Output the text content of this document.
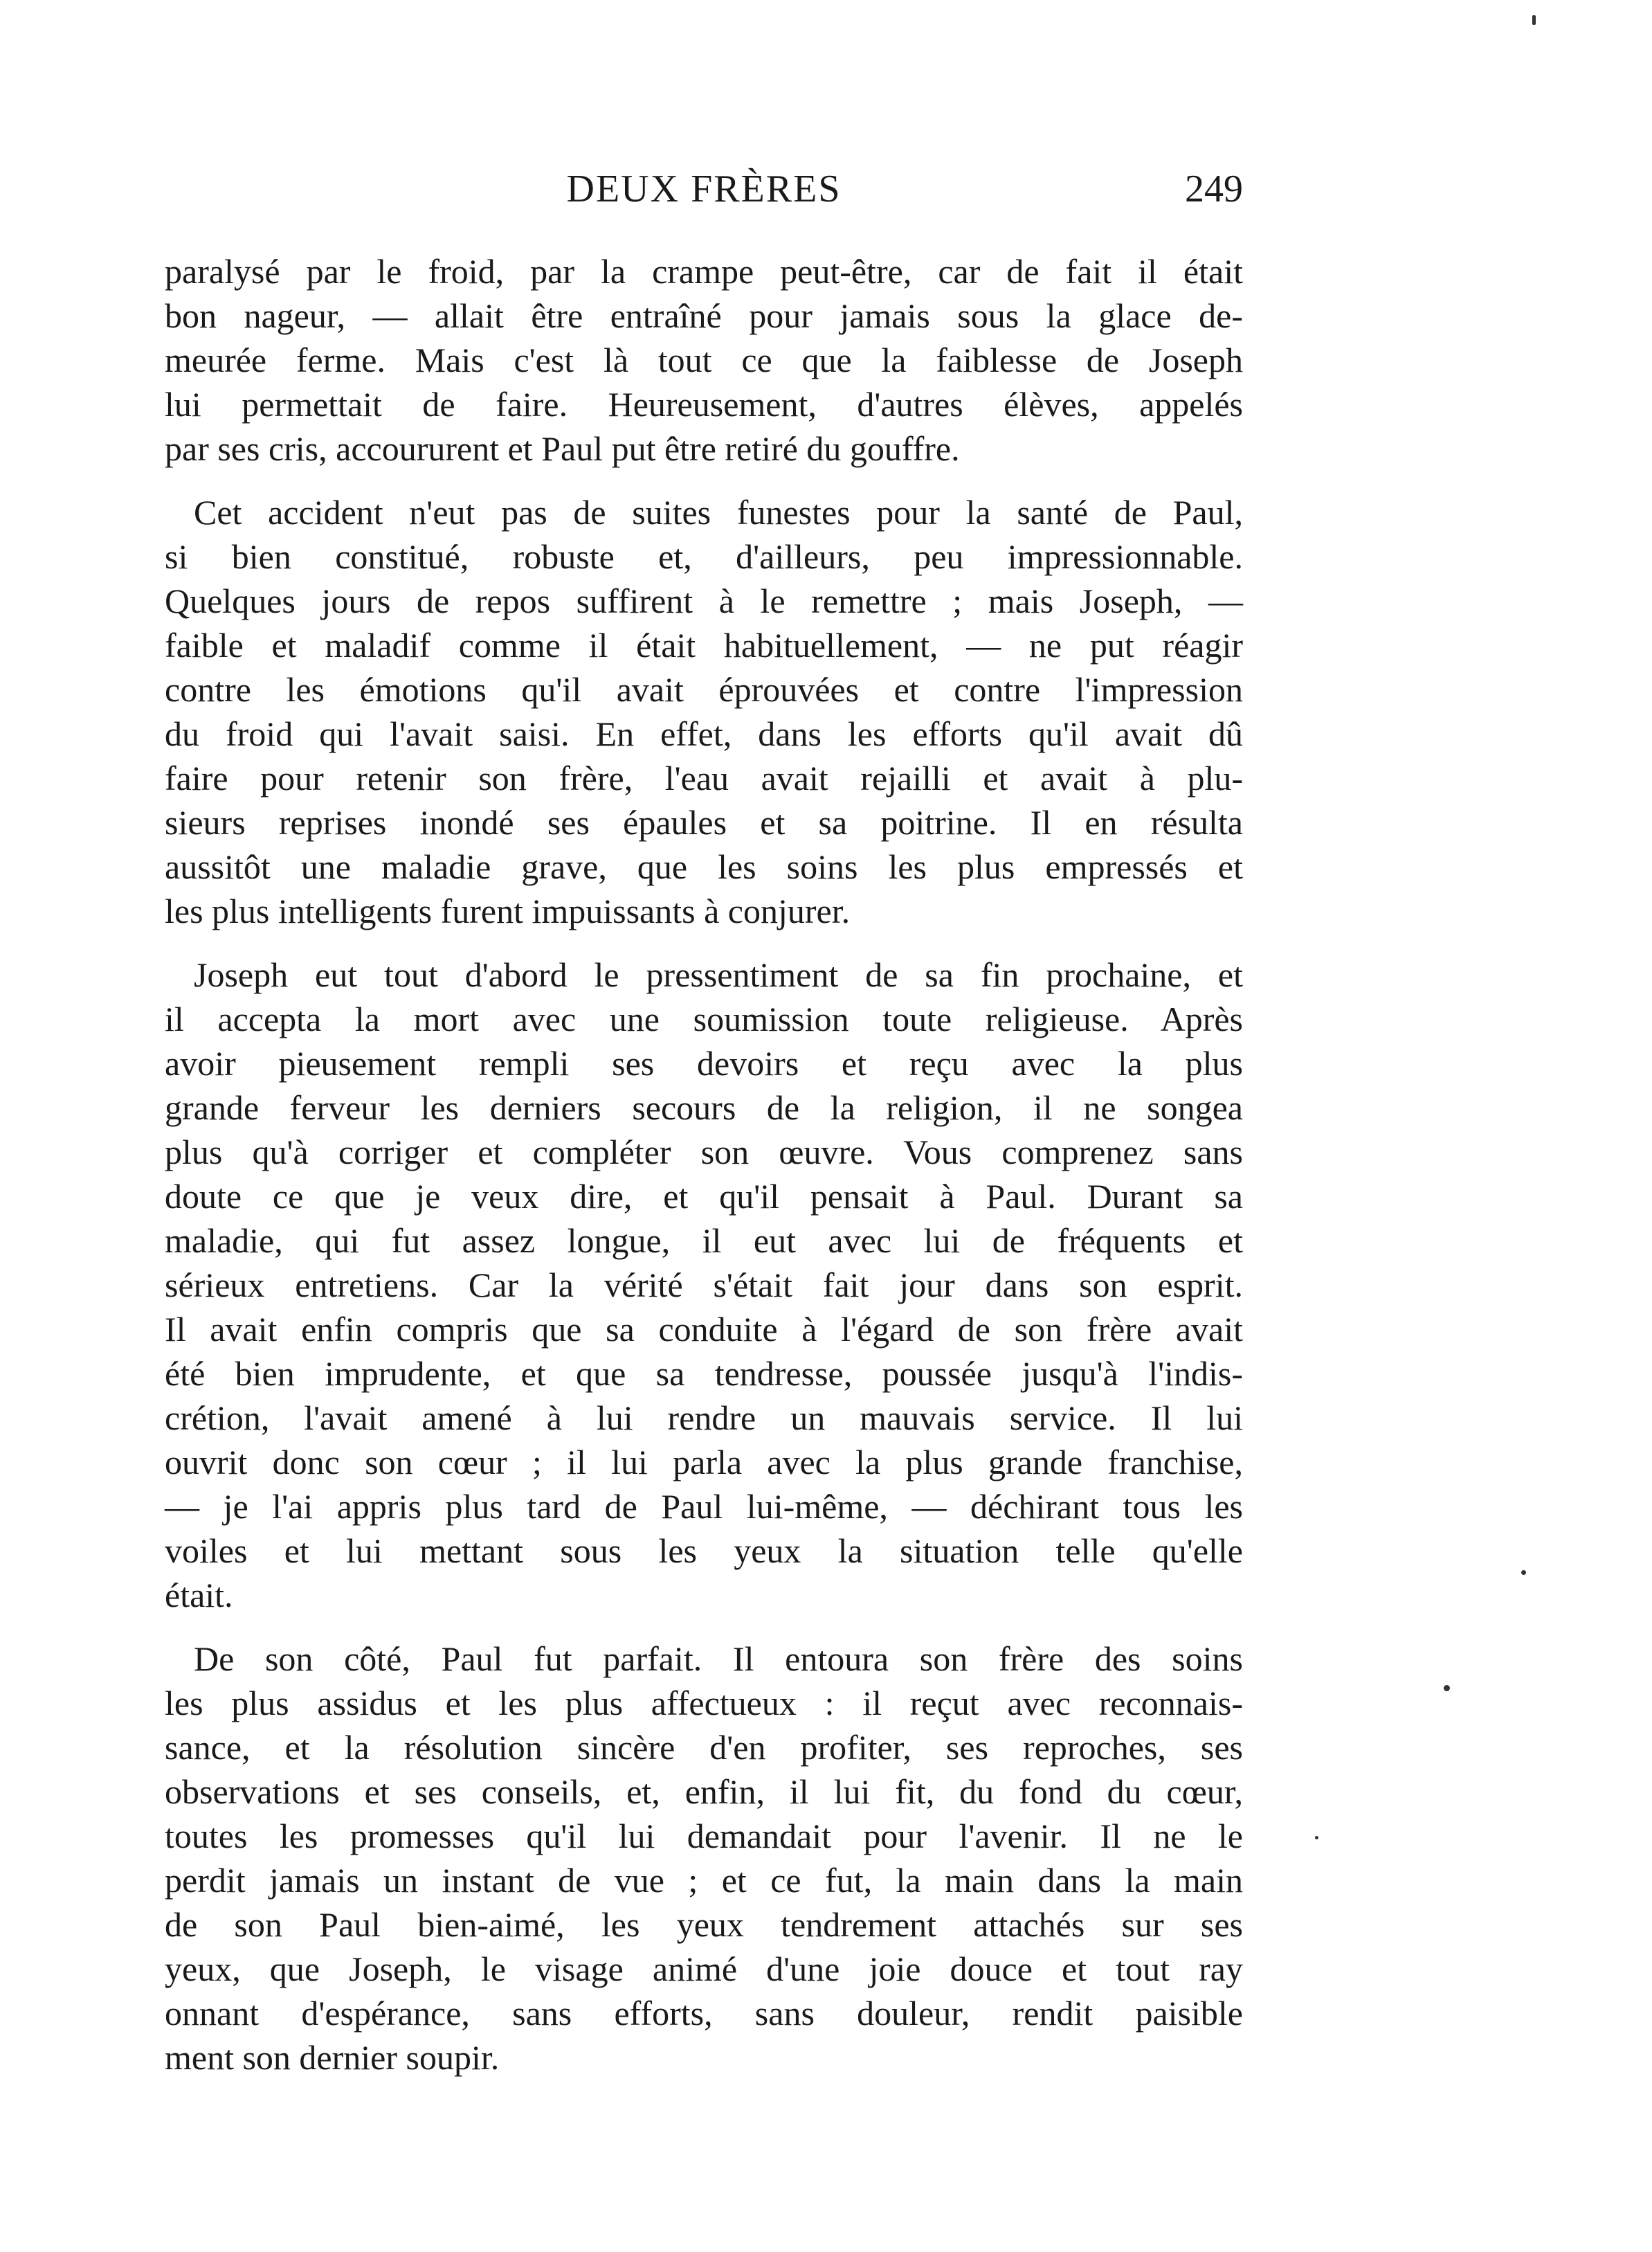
DEUX FRÈRES	249
paralysé par le froid, par la crampe peut-être, car de fait il était
bon nageur, — allait être entraîné pour jamais sous la glace de-
meurée ferme. Mais c'est là tout ce que la faiblesse de Joseph
lui permettait de faire. Heureusement, d'autres élèves, appelés
par ses cris, accoururent et Paul put être retiré du gouffre.
Cet accident n'eut pas de suites funestes pour la santé de Paul,
si bien constitué, robuste et, d'ailleurs, peu impressionnable.
Quelques jours de repos suffirent à le remettre ; mais Joseph, —
faible et maladif comme il était habituellement, — ne put réagir
contre les émotions qu'il avait éprouvées et contre l'impression
du froid qui l'avait saisi. En effet, dans les efforts qu'il avait dû
faire pour retenir son frère, l'eau avait rejailli et avait à plu-
sieurs reprises inondé ses épaules et sa poitrine. Il en résulta
aussitôt une maladie grave, que les soins les plus empressés et
les plus intelligents furent impuissants à conjurer.
Joseph eut tout d'abord le pressentiment de sa fin prochaine, et
il accepta la mort avec une soumission toute religieuse. Après
avoir pieusement rempli ses devoirs et reçu avec la plus
grande ferveur les derniers secours de la religion, il ne songea
plus qu'à corriger et compléter son œuvre. Vous comprenez sans
doute ce que je veux dire, et qu'il pensait à Paul. Durant sa
maladie, qui fut assez longue, il eut avec lui de fréquents et
sérieux entretiens. Car la vérité s'était fait jour dans son esprit.
Il avait enfin compris que sa conduite à l'égard de son frère avait
été bien imprudente, et que sa tendresse, poussée jusqu'à l'indis-
crétion, l'avait amené à lui rendre un mauvais service. Il lui
ouvrit donc son cœur ; il lui parla avec la plus grande franchise,
— je l'ai appris plus tard de Paul lui-même, — déchirant tous les
voiles et lui mettant sous les yeux la situation telle qu'elle
était.
De son côté, Paul fut parfait. Il entoura son frère des soins
les plus assidus et les plus affectueux : il reçut avec reconnais-
sance, et la résolution sincère d'en profiter, ses reproches, ses
observations et ses conseils, et, enfin, il lui fit, du fond du cœur,
toutes les promesses qu'il lui demandait pour l'avenir. Il ne le
perdit jamais un instant de vue ; et ce fut, la main dans la main
de son Paul bien-aimé, les yeux tendrement attachés sur ses
yeux, que Joseph, le visage animé d'une joie douce et tout ray
onnant d'espérance, sans efforts, sans douleur, rendit paisible
ment son dernier soupir.
